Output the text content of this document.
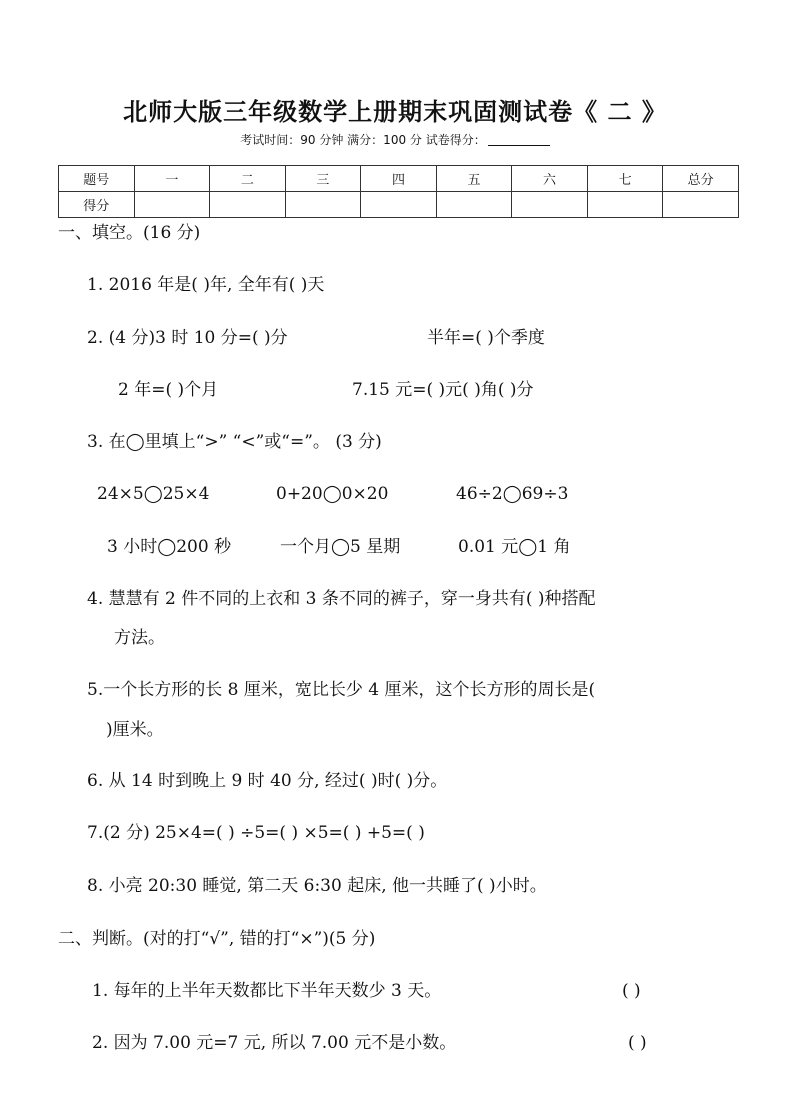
北师大版三年级数学上册期末巩固测试卷《 二 》
考试时间：90 分钟 满分：100 分 试卷得分：
题号	一	二	三	四	五	六	七	总分
得分								
一、填空。(16 分)
1. 2016 年是( )年, 全年有( )天
2. (4 分)3 时 10 分=( )分	半年=( )个季度
2 年=( )个月	7.15 元=( )元( )角( )分
3. 在◯里填上“>” “<”或“=”。 (3 分)
24×5◯25×4	0+20◯0×20	46÷2◯69÷3
3 小时◯200 秒	一个月◯5 星期	0.01 元◯1 角
4. 慧慧有 2 件不同的上衣和 3 条不同的裤子，穿一身共有( )种搭配
方法。
5.一个长方形的长 8 厘米，宽比长少 4 厘米，这个长方形的周长是(
)厘米。
6. 从 14 时到晚上 9 时 40 分, 经过( )时( )分。
7.(2 分) 25×4=( ) ÷5=( ) ×5=( ) +5=( )
8. 小亮 20:30 睡觉, 第二天 6:30 起床, 他一共睡了( )小时。
二、判断。(对的打“√”, 错的打“×”)(5 分)
1. 每年的上半年天数都比下半年天数少 3 天。	( )
2. 因为 7.00 元=7 元, 所以 7.00 元不是小数。	( )
